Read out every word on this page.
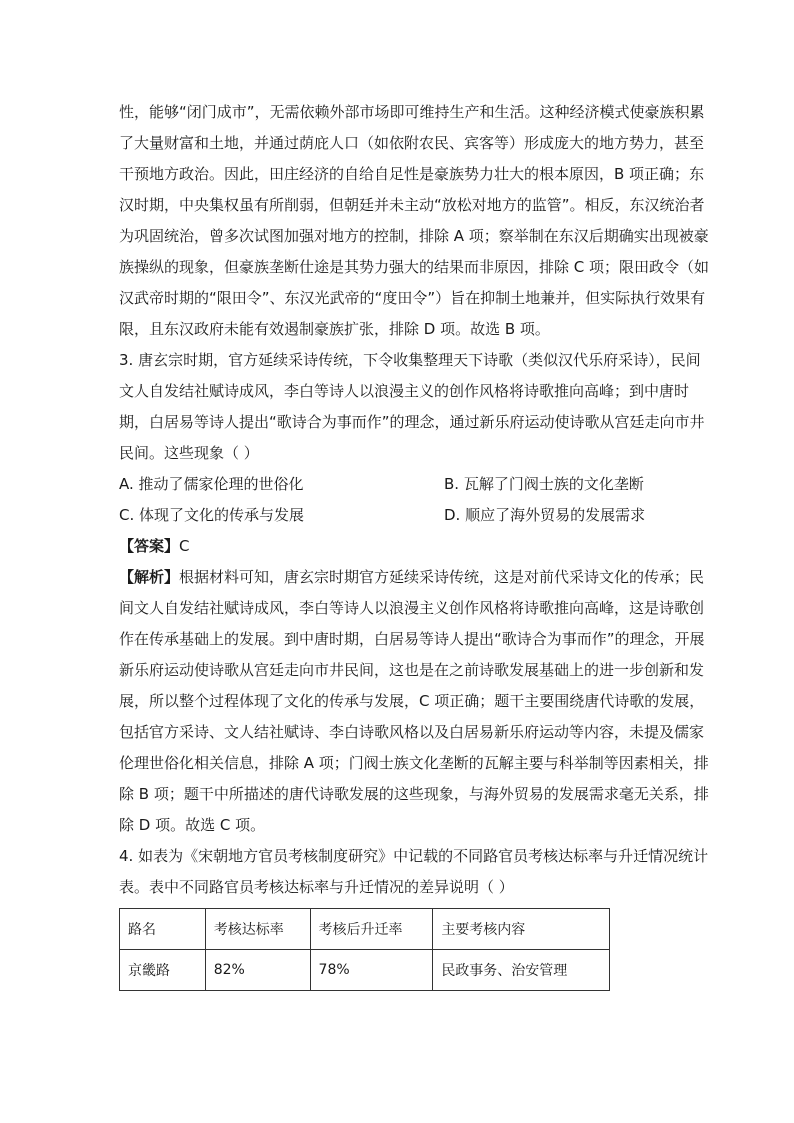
性，能够“闭门成市”，无需依赖外部市场即可维持生产和生活。这种经济模式使豪族积累
了大量财富和土地，并通过荫庇人口（如依附农民、宾客等）形成庞大的地方势力，甚至
干预地方政治。因此，田庄经济的自给自足性是豪族势力壮大的根本原因，B 项正确；东
汉时期，中央集权虽有所削弱，但朝廷并未主动“放松对地方的监管”。相反，东汉统治者
为巩固统治，曾多次试图加强对地方的控制，排除 A 项；察举制在东汉后期确实出现被豪
族操纵的现象，但豪族垄断仕途是其势力强大的结果而非原因，排除 C 项；限田政令（如
汉武帝时期的“限田令”、东汉光武帝的“度田令”）旨在抑制土地兼并，但实际执行效果有
限，且东汉政府未能有效遏制豪族扩张，排除 D 项。故选 B 项。
3. 唐玄宗时期，官方延续采诗传统，下令收集整理天下诗歌（类似汉代乐府采诗），民间
文人自发结社赋诗成风，李白等诗人以浪漫主义的创作风格将诗歌推向高峰；到中唐时
期，白居易等诗人提出“歌诗合为事而作”的理念，通过新乐府运动使诗歌从宫廷走向市井
民间。这些现象（ ）
A. 推动了儒家伦理的世俗化	B. 瓦解了门阀士族的文化垄断
C. 体现了文化的传承与发展	D. 顺应了海外贸易的发展需求
【答案】C
【解析】根据材料可知，唐玄宗时期官方延续采诗传统，这是对前代采诗文化的传承；民
间文人自发结社赋诗成风，李白等诗人以浪漫主义创作风格将诗歌推向高峰，这是诗歌创
作在传承基础上的发展。到中唐时期，白居易等诗人提出“歌诗合为事而作”的理念，开展
新乐府运动使诗歌从宫廷走向市井民间，这也是在之前诗歌发展基础上的进一步创新和发
展，所以整个过程体现了文化的传承与发展，C 项正确；题干主要围绕唐代诗歌的发展，
包括官方采诗、文人结社赋诗、李白诗歌风格以及白居易新乐府运动等内容，未提及儒家
伦理世俗化相关信息，排除 A 项；门阀士族文化垄断的瓦解主要与科举制等因素相关，排
除 B 项；题干中所描述的唐代诗歌发展的这些现象，与海外贸易的发展需求毫无关系，排
除 D 项。故选 C 项。
4. 如表为《宋朝地方官员考核制度研究》中记载的不同路官员考核达标率与升迁情况统计
表。表中不同路官员考核达标率与升迁情况的差异说明（ ）
路名	考核达标率	考核后升迁率	主要考核内容
京畿路	82%	78%	民政事务、治安管理
